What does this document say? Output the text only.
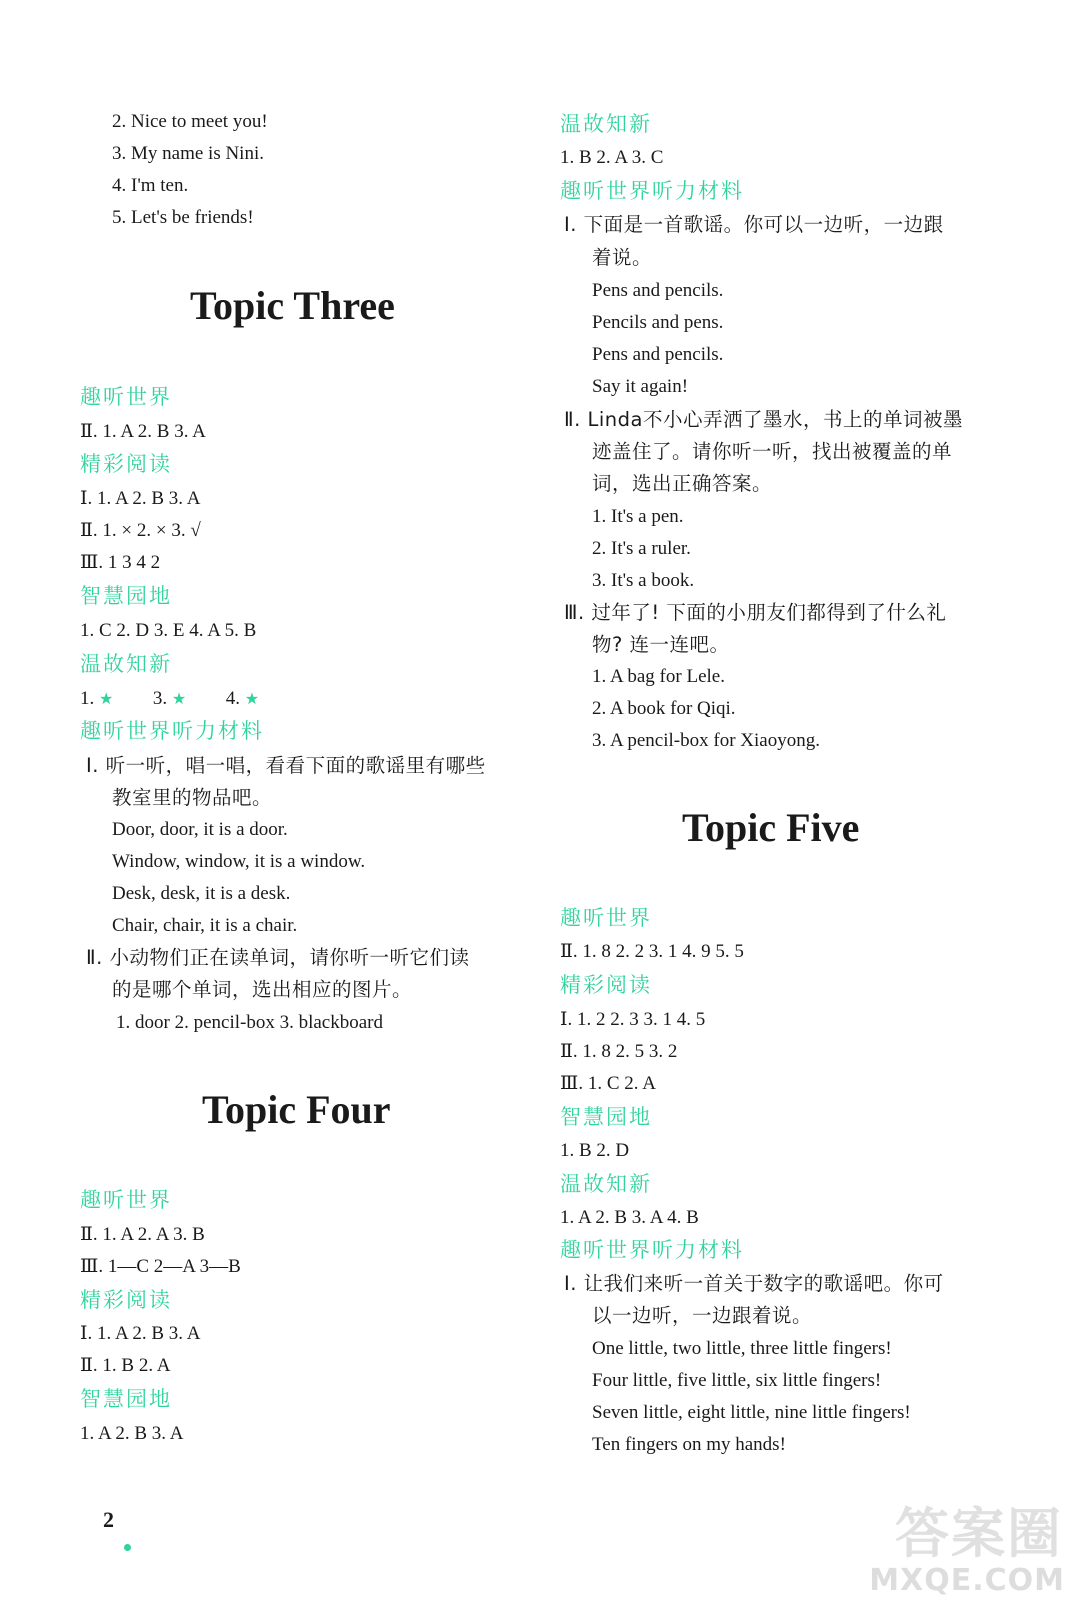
2. Nice to meet you!
3. My name is Nini.
4. I'm ten.
5. Let's be friends!
Topic Three
趣听世界
Ⅱ. 1. A 2. B 3. A
精彩阅读
Ⅰ. 1. A 2. B 3. A
Ⅱ. 1. × 2. × 3. √
Ⅲ. 1 3 4 2
智慧园地
1. C 2. D 3. E 4. A 5. B
温故知新
1. ★ 3. ★ 4. ★
趣听世界听力材料
Ⅰ. 听一听，唱一唱，看看下面的歌谣里有哪些
教室里的物品吧。
Door, door, it is a door.
Window, window, it is a window.
Desk, desk, it is a desk.
Chair, chair, it is a chair.
Ⅱ. 小动物们正在读单词，请你听一听它们读
的是哪个单词，选出相应的图片。
1. door 2. pencil-box 3. blackboard
Topic Four
趣听世界
Ⅱ. 1. A 2. A 3. B
Ⅲ. 1—C 2—A 3—B
精彩阅读
Ⅰ. 1. A 2. B 3. A
Ⅱ. 1. B 2. A
智慧园地
1. A 2. B 3. A
温故知新
1. B 2. A 3. C
趣听世界听力材料
Ⅰ. 下面是一首歌谣。你可以一边听，一边跟
着说。
Pens and pencils.
Pencils and pens.
Pens and pencils.
Say it again!
Ⅱ. Linda不小心弄洒了墨水，书上的单词被墨
迹盖住了。请你听一听，找出被覆盖的单
词，选出正确答案。
1. It's a pen.
2. It's a ruler.
3. It's a book.
Ⅲ. 过年了! 下面的小朋友们都得到了什么礼
物? 连一连吧。
1. A bag for Lele.
2. A book for Qiqi.
3. A pencil-box for Xiaoyong.
Topic Five
趣听世界
Ⅱ. 1. 8 2. 2 3. 1 4. 9 5. 5
精彩阅读
Ⅰ. 1. 2 2. 3 3. 1 4. 5
Ⅱ. 1. 8 2. 5 3. 2
Ⅲ. 1. C 2. A
智慧园地
1. B 2. D
温故知新
1. A 2. B 3. A 4. B
趣听世界听力材料
Ⅰ. 让我们来听一首关于数字的歌谣吧。你可
以一边听，一边跟着说。
One little, two little, three little fingers!
Four little, five little, six little fingers!
Seven little, eight little, nine little fingers!
Ten fingers on my hands!
2	答案圈
MXQE.COM
